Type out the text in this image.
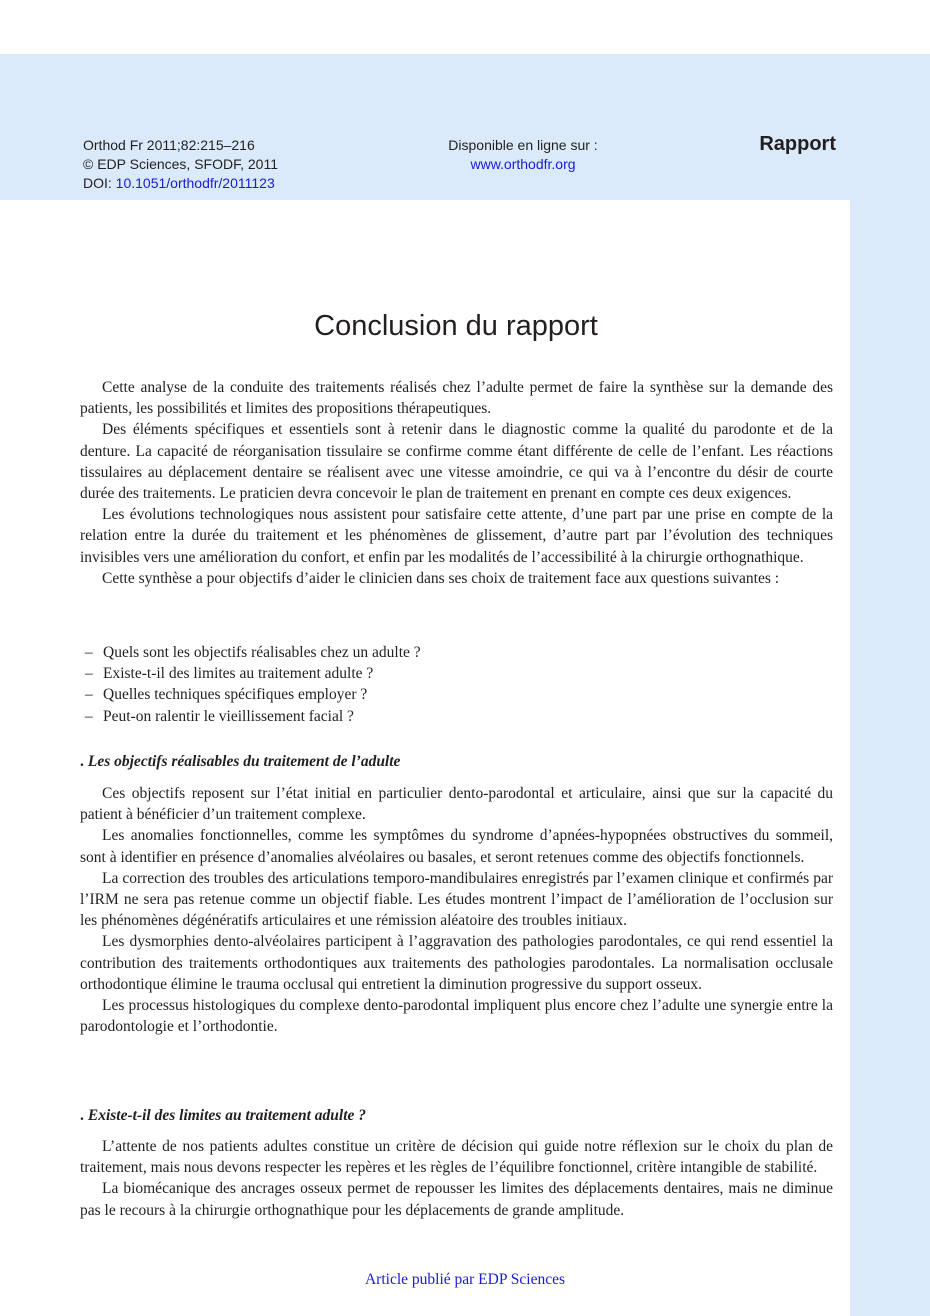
Orthod Fr 2011;82:215–216
© EDP Sciences, SFODF, 2011
DOI: 10.1051/orthodfr/2011123
Disponible en ligne sur :
www.orthodfr.org
Rapport
Conclusion du rapport

Cette analyse de la conduite des traitements réalisés chez l’adulte permet de faire la synthèse sur la demande des patients, les possibilités et limites des propositions thérapeutiques.

Des éléments spécifiques et essentiels sont à retenir dans le diagnostic comme la qualité du parodonte et de la denture. La capacité de réorganisation tissulaire se confirme comme étant différente de celle de l’enfant. Les réactions tissulaires au déplacement dentaire se réalisent avec une vitesse amoindrie, ce qui va à l’encontre du désir de courte durée des traitements. Le praticien devra concevoir le plan de traitement en prenant en compte ces deux exigences.

Les évolutions technologiques nous assistent pour satisfaire cette attente, d’une part par une prise en compte de la relation entre la durée du traitement et les phénomènes de glissement, d’autre part par l’évolution des techniques invisibles vers une amélioration du confort, et enfin par les modalités de l’accessibilité à la chirurgie orthognathique.

Cette synthèse a pour objectifs d’aider le clinicien dans ses choix de traitement face aux questions suivantes :

– Quels sont les objectifs réalisables chez un adulte ?
– Existe-t-il des limites au traitement adulte ?
– Quelles techniques spécifiques employer ?
– Peut-on ralentir le vieillissement facial ?
. Les objectifs réalisables du traitement de l’adulte

Ces objectifs reposent sur l’état initial en particulier dento-parodontal et articulaire, ainsi que sur la capacité du patient à bénéficier d’un traitement complexe.

Les anomalies fonctionnelles, comme les symptômes du syndrome d’apnées-hypopnées obstructives du sommeil, sont à identifier en présence d’anomalies alvéolaires ou basales, et seront retenues comme des objectifs fonctionnels.

La correction des troubles des articulations temporo-mandibulaires enregistrés par l’examen clinique et confirmés par l’IRM ne sera pas retenue comme un objectif fiable. Les études montrent l’impact de l’amélioration de l’occlusion sur les phénomènes dégénératifs articulaires et une rémission aléatoire des troubles initiaux.

Les dysmorphies dento-alvéolaires participent à l’aggravation des pathologies parodontales, ce qui rend essentiel la contribution des traitements orthodontiques aux traitements des pathologies parodontales. La normalisation occlusale orthodontique élimine le trauma occlusal qui entretient la diminution progressive du support osseux.

Les processus histologiques du complexe dento-parodontal impliquent plus encore chez l’adulte une synergie entre la parodontologie et l’orthodontie.

. Existe-t-il des limites au traitement adulte ?

L’attente de nos patients adultes constitue un critère de décision qui guide notre réflexion sur le choix du plan de traitement, mais nous devons respecter les repères et les règles de l’équilibre fonctionnel, critère intangible de stabilité.

La biomécanique des ancrages osseux permet de repousser les limites des déplacements dentaires, mais ne diminue pas le recours à la chirurgie orthognathique pour les déplacements de grande amplitude.

Article publié par EDP Sciences
